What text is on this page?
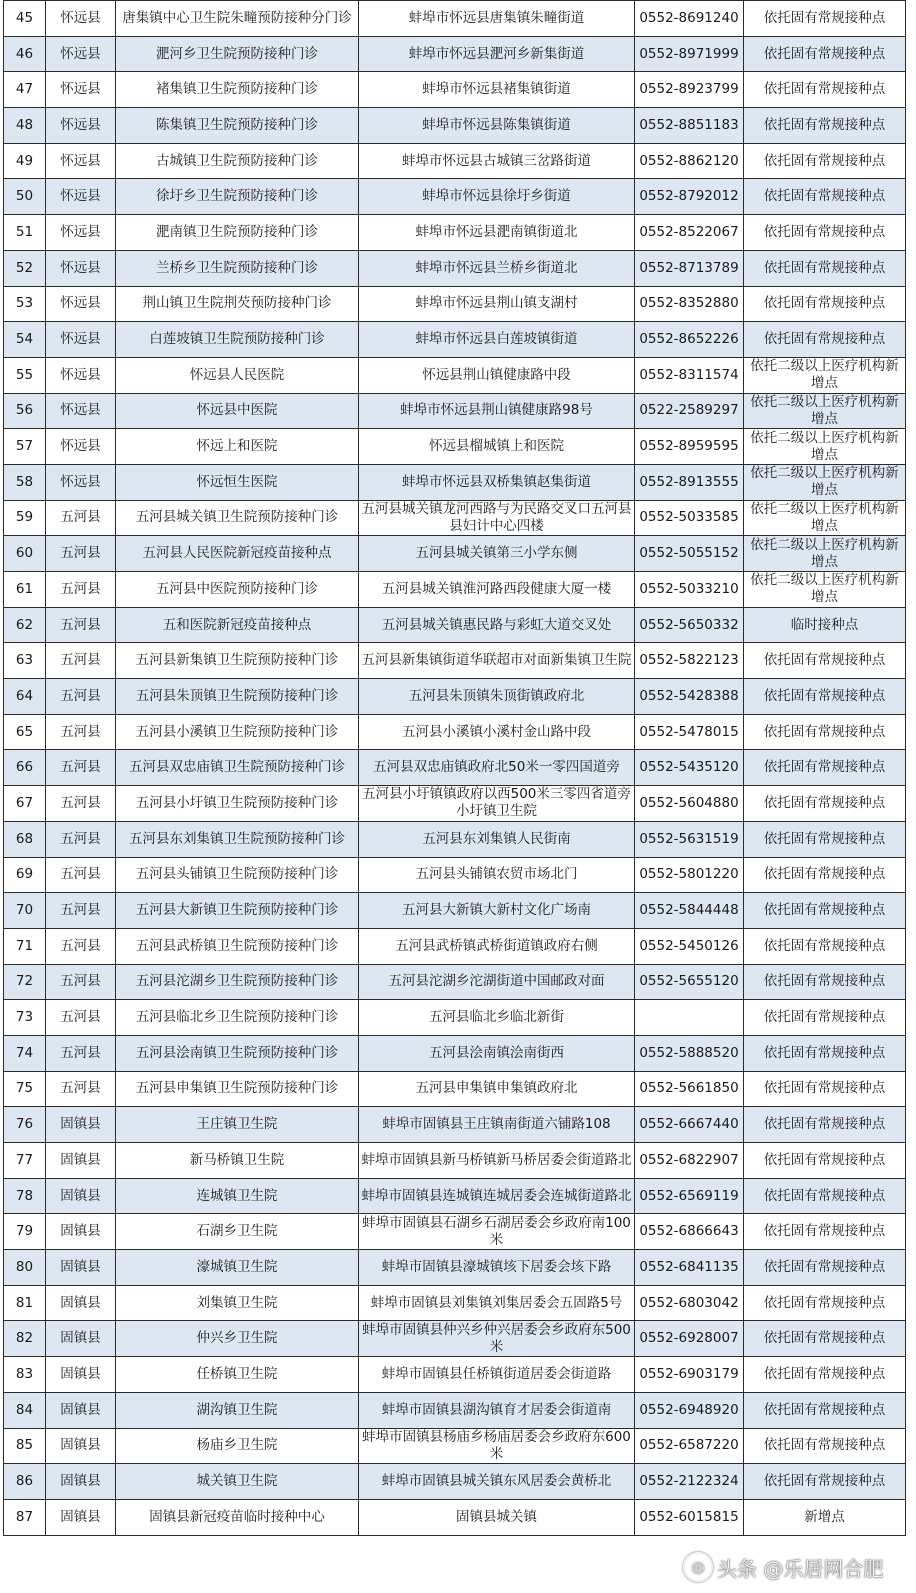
45	怀远县	唐集镇中心卫生院朱疃预防接种分门诊	蚌埠市怀远县唐集镇朱疃街道	0552-8691240	依托固有常规接种点
46	怀远县	淝河乡卫生院预防接种门诊	蚌埠市怀远县淝河乡新集街道	0552-8971999	依托固有常规接种点
47	怀远县	褚集镇卫生院预防接种门诊	蚌埠市怀远县褚集镇街道	0552-8923799	依托固有常规接种点
48	怀远县	陈集镇卫生院预防接种门诊	蚌埠市怀远县陈集镇街道	0552-8851183	依托固有常规接种点
49	怀远县	古城镇卫生院预防接种门诊	蚌埠市怀远县古城镇三岔路街道	0552-8862120	依托固有常规接种点
50	怀远县	徐圩乡卫生院预防接种门诊	蚌埠市怀远县徐圩乡街道	0552-8792012	依托固有常规接种点
51	怀远县	淝南镇卫生院预防接种门诊	蚌埠市怀远县淝南镇街道北	0552-8522067	依托固有常规接种点
52	怀远县	兰桥乡卫生院预防接种门诊	蚌埠市怀远县兰桥乡街道北	0552-8713789	依托固有常规接种点
53	怀远县	荆山镇卫生院荆芡预防接种门诊	蚌埠市怀远县荆山镇支湖村	0552-8352880	依托固有常规接种点
54	怀远县	白莲坡镇卫生院预防接种门诊	蚌埠市怀远县白莲坡镇街道	0552-8652226	依托固有常规接种点
55	怀远县	怀远县人民医院	怀远县荆山镇健康路中段	0552-8311574	依托二级以上医疗机构新增点
56	怀远县	怀远县中医院	蚌埠市怀远县荆山镇健康路98号	0522-2589297	依托二级以上医疗机构新增点
57	怀远县	怀远上和医院	怀远县榴城镇上和医院	0552-8959595	依托二级以上医疗机构新增点
58	怀远县	怀远恒生医院	蚌埠市怀远县双桥集镇赵集街道	0552-8913555	依托二级以上医疗机构新增点
59	五河县	五河县城关镇卫生院预防接种门诊	五河县城关镇龙河西路与为民路交叉口五河县县妇计中心四楼	0552-5033585	依托二级以上医疗机构新增点
60	五河县	五河县人民医院新冠疫苗接种点	五河县城关镇第三小学东侧	0552-5055152	依托二级以上医疗机构新增点
61	五河县	五河县中医院预防接种门诊	五河县城关镇淮河路西段健康大厦一楼	0552-5033210	依托二级以上医疗机构新增点
62	五河县	五和医院新冠疫苗接种点	五河县城关镇惠民路与彩虹大道交叉处	0552-5650332	临时接种点
63	五河县	五河县新集镇卫生院预防接种门诊	五河县新集镇街道华联超市对面新集镇卫生院	0552-5822123	依托固有常规接种点
64	五河县	五河县朱顶镇卫生院预防接种门诊	五河县朱顶镇朱顶街镇政府北	0552-5428388	依托固有常规接种点
65	五河县	五河县小溪镇卫生院预防接种门诊	五河县小溪镇小溪村金山路中段	0552-5478015	依托固有常规接种点
66	五河县	五河县双忠庙镇卫生院预防接种门诊	五河县双忠庙镇政府北50米一零四国道旁	0552-5435120	依托固有常规接种点
67	五河县	五河县小圩镇卫生院预防接种门诊	五河县小圩镇镇政府以西500米三零四省道旁小圩镇卫生院	0552-5604880	依托固有常规接种点
68	五河县	五河县东刘集镇卫生院预防接种门诊	五河县东刘集镇人民街南	0552-5631519	依托固有常规接种点
69	五河县	五河县头铺镇卫生院预防接种门诊	五河县头铺镇农贸市场北门	0552-5801220	依托固有常规接种点
70	五河县	五河县大新镇卫生院预防接种门诊	五河县大新镇大新村文化广场南	0552-5844448	依托固有常规接种点
71	五河县	五河县武桥镇卫生院预防接种门诊	五河县武桥镇武桥街道镇政府右侧	0552-5450126	依托固有常规接种点
72	五河县	五河县沱湖乡卫生院预防接种门诊	五河县沱湖乡沱湖街道中国邮政对面	0552-5655120	依托固有常规接种点
73	五河县	五河县临北乡卫生院预防接种门诊	五河县临北乡临北新街		依托固有常规接种点
74	五河县	五河县浍南镇卫生院预防接种门诊	五河县浍南镇浍南街西	0552-5888520	依托固有常规接种点
75	五河县	五河县申集镇卫生院预防接种门诊	五河县申集镇申集镇政府北	0552-5661850	依托固有常规接种点
76	固镇县	王庄镇卫生院	蚌埠市固镇县王庄镇南街道六铺路108	0552-6667440	依托固有常规接种点
77	固镇县	新马桥镇卫生院	蚌埠市固镇县新马桥镇新马桥居委会街道路北	0552-6822907	依托固有常规接种点
78	固镇县	连城镇卫生院	蚌埠市固镇县连城镇连城居委会连城街道路北	0552-6569119	依托固有常规接种点
79	固镇县	石湖乡卫生院	蚌埠市固镇县石湖乡石湖居委会乡政府南100米	0552-6866643	依托固有常规接种点
80	固镇县	濠城镇卫生院	蚌埠市固镇县濠城镇垓下居委会垓下路	0552-6841135	依托固有常规接种点
81	固镇县	刘集镇卫生院	蚌埠市固镇县刘集镇刘集居委会五固路5号	0552-6803042	依托固有常规接种点
82	固镇县	仲兴乡卫生院	蚌埠市固镇县仲兴乡仲兴居委会乡政府东500米	0552-6928007	依托固有常规接种点
83	固镇县	任桥镇卫生院	蚌埠市固镇县任桥镇街道居委会街道路	0552-6903179	依托固有常规接种点
84	固镇县	湖沟镇卫生院	蚌埠市固镇县湖沟镇育才居委会街道南	0552-6948920	依托固有常规接种点
85	固镇县	杨庙乡卫生院	蚌埠市固镇县杨庙乡杨庙居委会乡政府东600米	0552-6587220	依托固有常规接种点
86	固镇县	城关镇卫生院	蚌埠市固镇县城关镇东风居委会黄桥北	0552-2122324	依托固有常规接种点
87	固镇县	固镇县新冠疫苗临时接种中心	固镇县城关镇	0552-6015815	新增点
◎ 头条 @乐居网合肥
